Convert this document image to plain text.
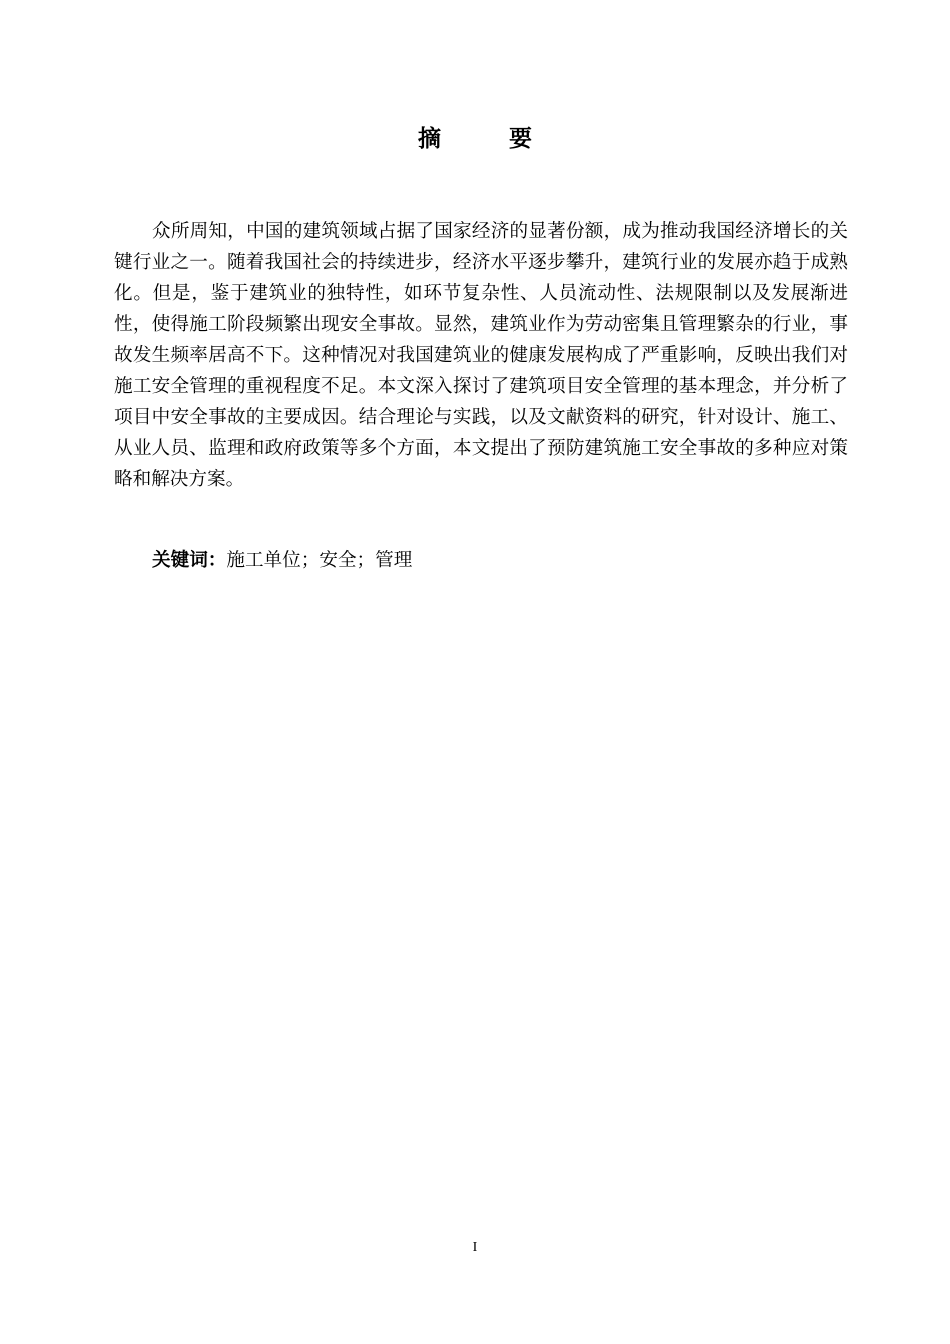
摘 要
众所周知，中国的建筑领域占据了国家经济的显著份额，成为推动我国经济增长的关键行业之一。随着我国社会的持续进步，经济水平逐步攀升，建筑行业的发展亦趋于成熟化。但是，鉴于建筑业的独特性，如环节复杂性、人员流动性、法规限制以及发展渐进性，使得施工阶段频繁出现安全事故。显然，建筑业作为劳动密集且管理繁杂的行业，事故发生频率居高不下。这种情况对我国建筑业的健康发展构成了严重影响，反映出我们对施工安全管理的重视程度不足。本文深入探讨了建筑项目安全管理的基本理念，并分析了项目中安全事故的主要成因。结合理论与实践，以及文献资料的研究，针对设计、施工、从业人员、监理和政府政策等多个方面，本文提出了预防建筑施工安全事故的多种应对策略和解决方案。
关键词：施工单位；安全；管理
I
